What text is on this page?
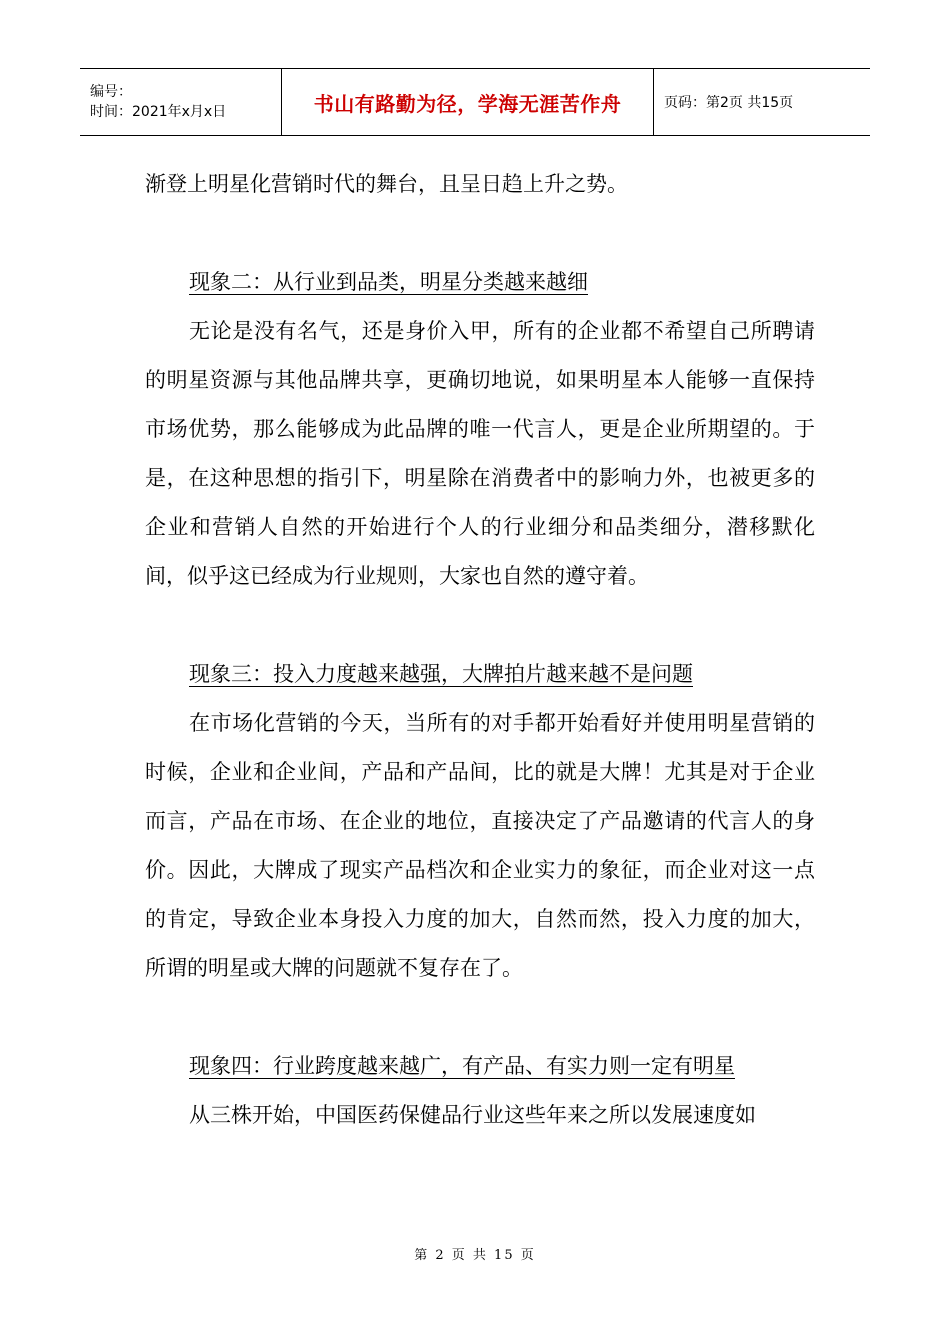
编号：
时间：2021年x月x日	书山有路勤为径，学海无涯苦作舟	页码：第2页 共15页

渐登上明星化营销时代的舞台，且呈日趋上升之势。

现象二：从行业到品类，明星分类越来越细

无论是没有名气，还是身价入甲，所有的企业都不希望自己所聘请的明星资源与其他品牌共享，更确切地说，如果明星本人能够一直保持市场优势，那么能够成为此品牌的唯一代言人，更是企业所期望的。于是，在这种思想的指引下，明星除在消费者中的影响力外，也被更多的企业和营销人自然的开始进行个人的行业细分和品类细分，潜移默化间，似乎这已经成为行业规则，大家也自然的遵守着。

现象三：投入力度越来越强，大牌拍片越来越不是问题

在市场化营销的今天，当所有的对手都开始看好并使用明星营销的时候，企业和企业间，产品和产品间，比的就是大牌！尤其是对于企业而言，产品在市场、在企业的地位，直接决定了产品邀请的代言人的身价。因此，大牌成了现实产品档次和企业实力的象征，而企业对这一点的肯定，导致企业本身投入力度的加大，自然而然，投入力度的加大，所谓的明星或大牌的问题就不复存在了。

现象四：行业跨度越来越广，有产品、有实力则一定有明星

从三株开始，中国医药保健品行业这些年来之所以发展速度如

第 2 页 共 15 页
